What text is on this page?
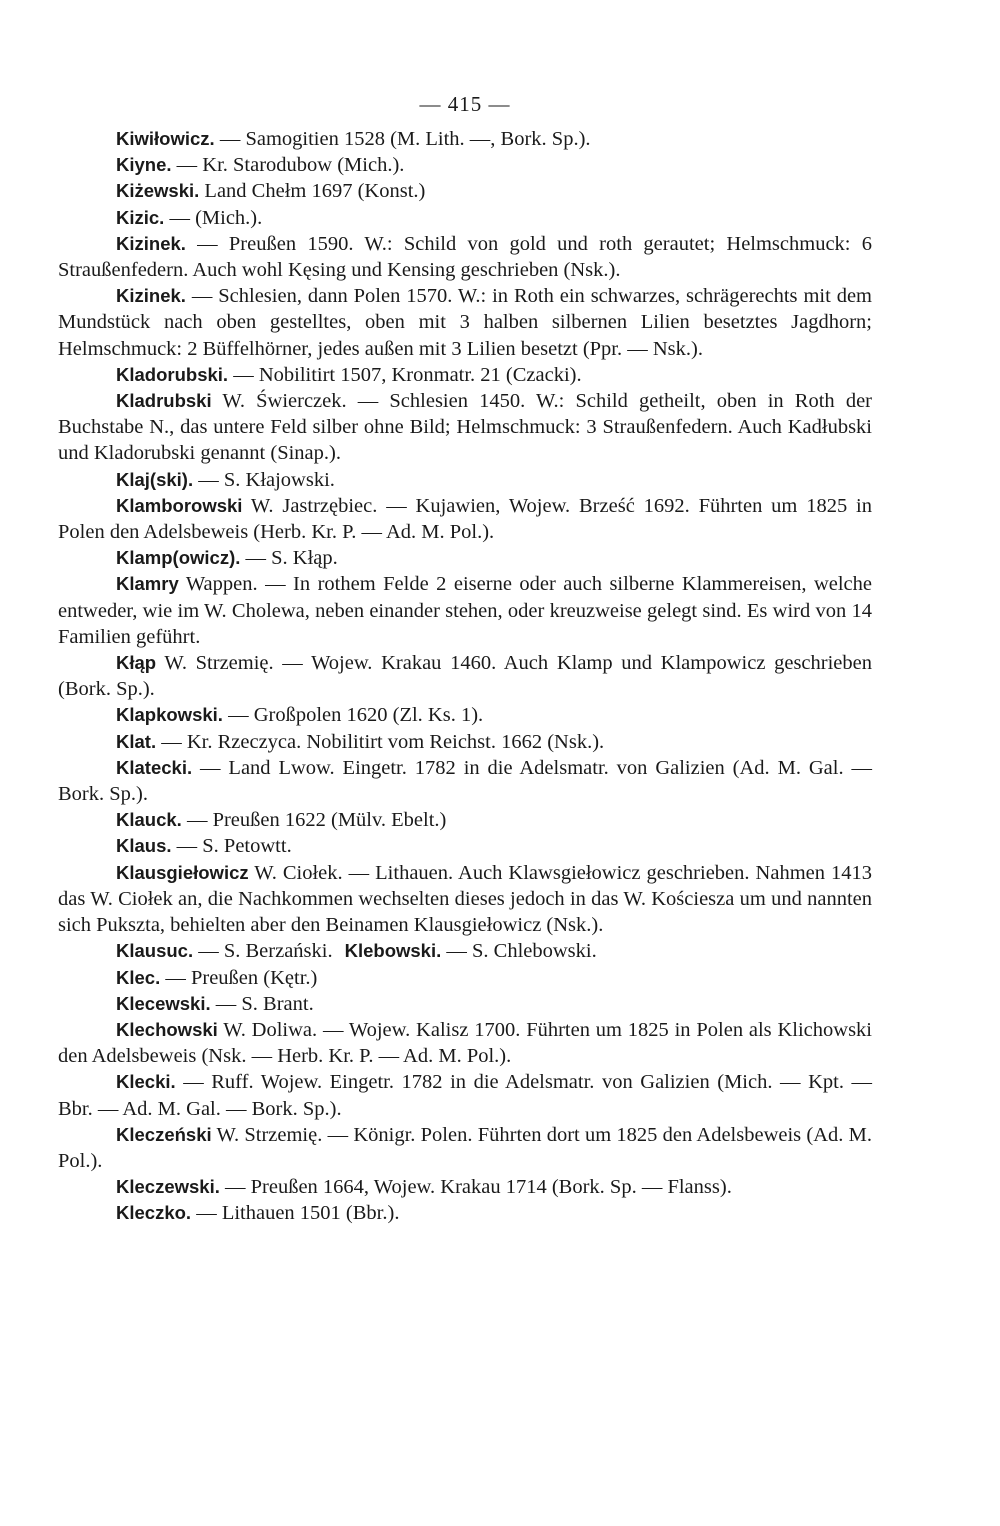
— 415 —

Kiwiłowicz. — Samogitien 1528 (M. Lith. —, Bork. Sp.).

Kiyne. — Kr. Starodubow (Mich.).

Kiżewski. Land Chełm 1697 (Konst.)

Kizic. — (Mich.).

Kizinek. — Preußen 1590. W.: Schild von gold und roth gerautet; Helmschmuck: 6 Straußenfedern. Auch wohl Kęsing und Kensing geschrieben (Nsk.).

Kizinek. — Schlesien, dann Polen 1570. W.: in Roth ein schwarzes, schrägerechts mit dem Mundstück nach oben gestelltes, oben mit 3 halben silbernen Lilien besetztes Jagdhorn; Helmschmuck: 2 Büffelhörner, jedes außen mit 3 Lilien besetzt (Ppr. — Nsk.).

Kladorubski. — Nobilitirt 1507, Kronmatr. 21 (Czacki).

Kladrubski W. Świerczek. — Schlesien 1450. W.: Schild getheilt, oben in Roth der Buchstabe N., das untere Feld silber ohne Bild; Helmschmuck: 3 Straußenfedern. Auch Kadłubski und Kladorubski genannt (Sinap.).

Klaj(ski). — S. Kłajowski.

Klamborowski W. Jastrzębiec. — Kujawien, Wojew. Brześć 1692. Führten um 1825 in Polen den Adelsbeweis (Herb. Kr. P. — Ad. M. Pol.).

Klamp(owicz). — S. Kłąp.

Klamry Wappen. — In rothem Felde 2 eiserne oder auch silberne Klammereisen, welche entweder, wie im W. Cholewa, neben einander stehen, oder kreuzweise gelegt sind. Es wird von 14 Familien geführt.

Kłąp W. Strzemię. — Wojew. Krakau 1460. Auch Klamp und Klampowicz geschrieben (Bork. Sp.).

Klapkowski. — Großpolen 1620 (Zl. Ks. 1).

Klat. — Kr. Rzeczyca. Nobilitirt vom Reichst. 1662 (Nsk.).

Klatecki. — Land Lwow. Eingetr. 1782 in die Adelsmatr. von Galizien (Ad. M. Gal. — Bork. Sp.).

Klauck. — Preußen 1622 (Mülv. Ebelt.)

Klaus. — S. Petowtt.

Klausgiełowicz W. Ciołek. — Lithauen. Auch Klawsgiełowicz geschrieben. Nahmen 1413 das W. Ciołek an, die Nachkommen wechselten dieses jedoch in das W. Kościesza um und nannten sich Pukszta, behielten aber den Beinamen Klausgiełowicz (Nsk.).

Klausuc. — S. Berzański. Klebowski. — S. Chlebowski.

Klec. — Preußen (Kętr.)

Klecewski. — S. Brant.

Klechowski W. Doliwa. — Wojew. Kalisz 1700. Führten um 1825 in Polen als Klichowski den Adelsbeweis (Nsk. — Herb. Kr. P. — Ad. M. Pol.).

Klecki. — Ruff. Wojew. Eingetr. 1782 in die Adelsmatr. von Galizien (Mich. — Kpt. — Bbr. — Ad. M. Gal. — Bork. Sp.).

Kleczeński W. Strzemię. — Königr. Polen. Führten dort um 1825 den Adelsbeweis (Ad. M. Pol.).

Kleczewski. — Preußen 1664, Wojew. Krakau 1714 (Bork. Sp. — Flanss).

Kleczko. — Lithauen 1501 (Bbr.).
